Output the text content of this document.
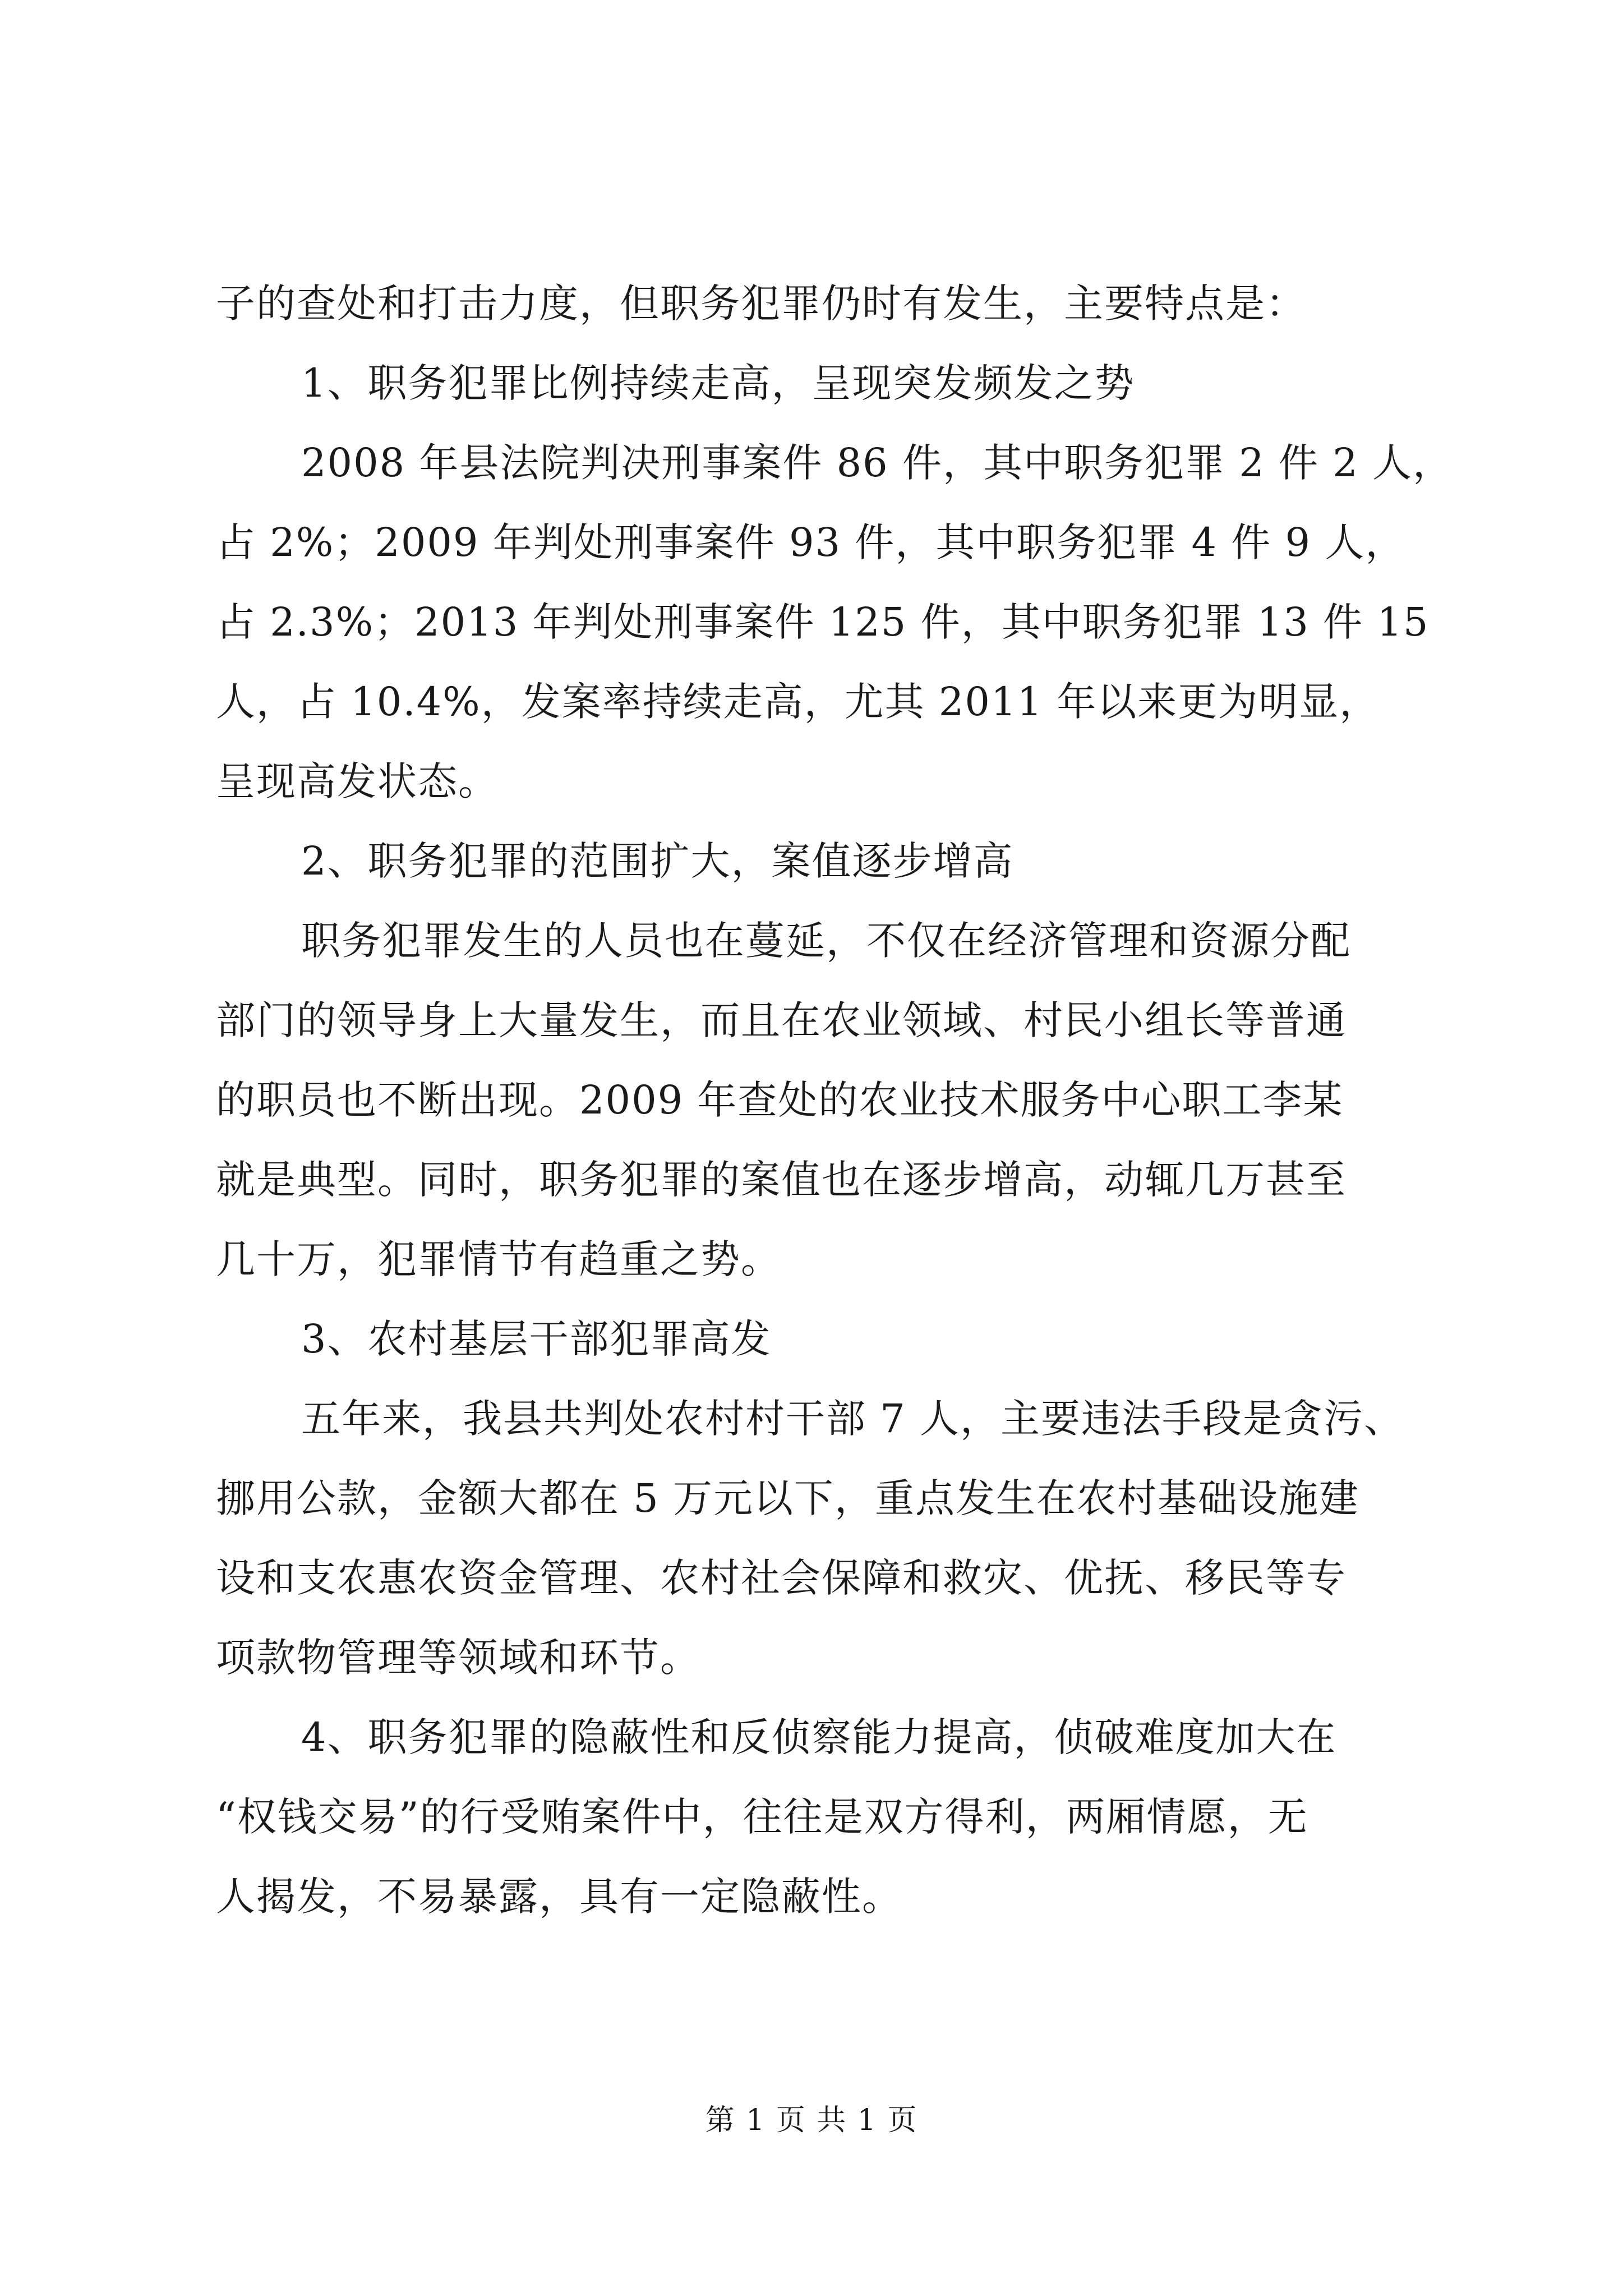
子的查处和打击力度，但职务犯罪仍时有发生，主要特点是：

1、职务犯罪比例持续走高，呈现突发频发之势

2008 年县法院判决刑事案件 86 件，其中职务犯罪 2 件 2 人，

占 2%；2009 年判处刑事案件 93 件，其中职务犯罪 4 件 9 人，

占 2.3%；2013 年判处刑事案件 125 件，其中职务犯罪 13 件 15

人，占 10.4%，发案率持续走高，尤其 2011 年以来更为明显，

呈现高发状态。

2、职务犯罪的范围扩大，案值逐步增高

职务犯罪发生的人员也在蔓延，不仅在经济管理和资源分配

部门的领导身上大量发生，而且在农业领域、村民小组长等普通

的职员也不断出现。2009 年查处的农业技术服务中心职工李某

就是典型。同时，职务犯罪的案值也在逐步增高，动辄几万甚至

几十万，犯罪情节有趋重之势。

3、农村基层干部犯罪高发

五年来，我县共判处农村村干部 7 人，主要违法手段是贪污、

挪用公款，金额大都在 5 万元以下，重点发生在农村基础设施建

设和支农惠农资金管理、农村社会保障和救灾、优抚、移民等专

项款物管理等领域和环节。

4、职务犯罪的隐蔽性和反侦察能力提高，侦破难度加大在

“权钱交易”的行受贿案件中，往往是双方得利，两厢情愿，无

人揭发，不易暴露，具有一定隐蔽性。

第 1 页 共 1 页
